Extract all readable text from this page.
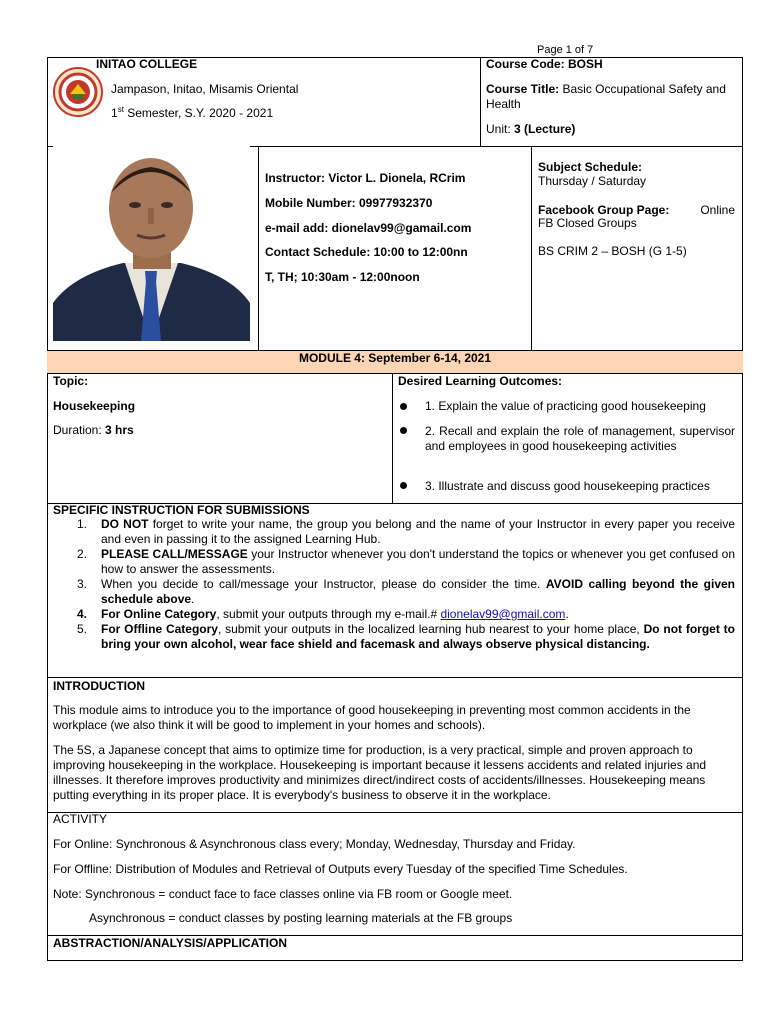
Page 1 of 7
MODULE 4: September 6-14, 2021
INITAO COLLEGE
Jampason, Initao, Misamis Oriental
1st Semester, S.Y. 2020 - 2021
Course Code: BOSH
Course Title: Basic Occupational Safety and Health
Unit: 3 (Lecture)
Instructor: Victor L. Dionela, RCrim
Mobile Number: 09977932370
e-mail add: dionelav99@gamail.com
Contact Schedule: 10:00 to 12:00nn
T, TH; 10:30am - 12:00noon
Subject Schedule:
Thursday / Saturday
Facebook Group Page:	Online
FB Closed Groups
BS CRIM 2 – BOSH (G 1-5)
Topic:
Housekeeping
Duration: 3 hrs
Desired Learning Outcomes:
1. Explain the value of practicing good housekeeping
2. Recall and explain the role of management, supervisor and employees in good housekeeping activities
3. Illustrate and discuss good housekeeping practices
SPECIFIC INSTRUCTION FOR SUBMISSIONS
1. DO NOT forget to write your name, the group you belong and the name of your Instructor in every paper you receive and even in passing it to the assigned Learning Hub.
2. PLEASE CALL/MESSAGE your Instructor whenever you don't understand the topics or whenever you get confused on how to answer the assessments.
3. When you decide to call/message your Instructor, please do consider the time. AVOID calling beyond the given schedule above.
4. For Online Category, submit your outputs through my e-mail.# dionelav99@gmail.com.
5. For Offline Category, submit your outputs in the localized learning hub nearest to your home place, Do not forget to bring your own alcohol, wear face shield and facemask and always observe physical distancing.
INTRODUCTION
This module aims to introduce you to the importance of good housekeeping in preventing most common accidents in the workplace (we also think it will be good to implement in your homes and schools).
The 5S, a Japanese concept that aims to optimize time for production, is a very practical, simple and proven approach to improving housekeeping in the workplace. Housekeeping is important because it lessens accidents and related injuries and illnesses. It therefore improves productivity and minimizes direct/indirect costs of accidents/illnesses. Housekeeping means putting everything in its proper place. It is everybody's business to observe it in the workplace.
ACTIVITY
For Online: Synchronous & Asynchronous class every; Monday, Wednesday, Thursday and Friday.
For Offline: Distribution of Modules and Retrieval of Outputs every Tuesday of the specified Time Schedules.
Note: Synchronous = conduct face to face classes online via FB room or Google meet.
Asynchronous = conduct classes by posting learning materials at the FB groups
ABSTRACTION/ANALYSIS/APPLICATION
